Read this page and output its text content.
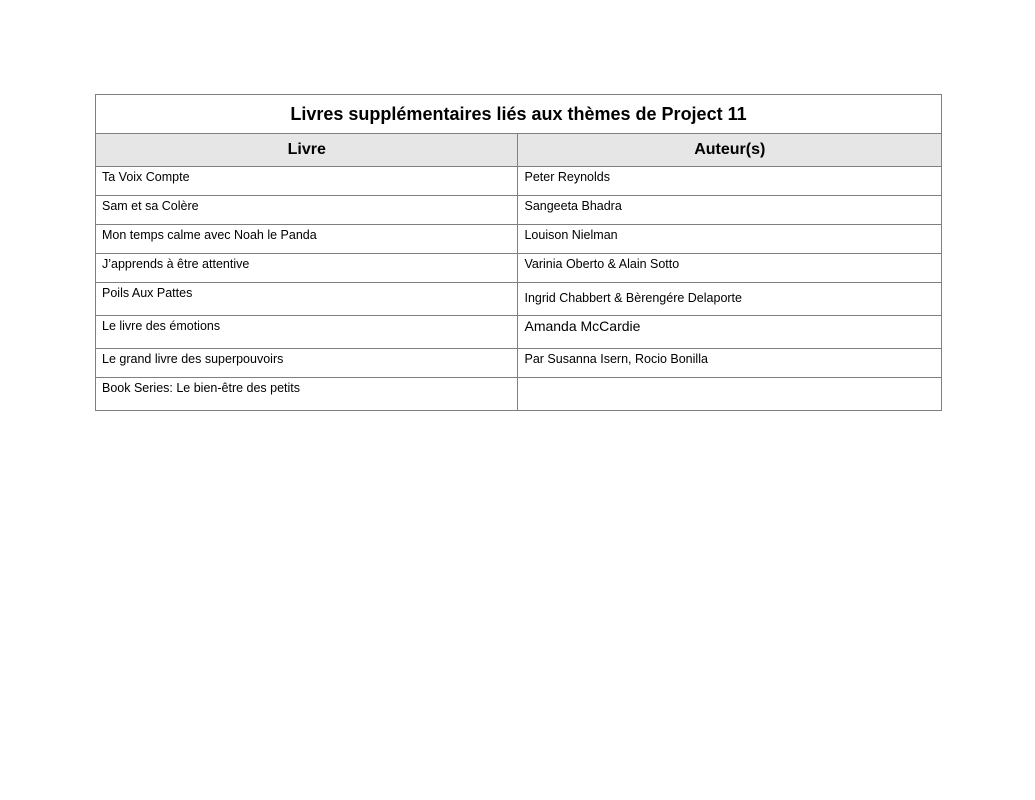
Livres supplémentaires liés aux thèmes de Project 11	
Livre	Auteur(s)
Ta Voix Compte	Peter Reynolds
Sam et sa Colère	Sangeeta Bhadra
Mon temps calme avec Noah le Panda	Louison Nielman
J’apprends à être attentive	Varinia Oberto & Alain Sotto
Poils Aux Pattes	Ingrid Chabbert & Bèrengére Delaporte
Le livre des émotions	Amanda McCardie
Le grand livre des superpouvoirs	Par Susanna Isern, Rocio Bonilla
Book Series: Le bien-être des petits	
